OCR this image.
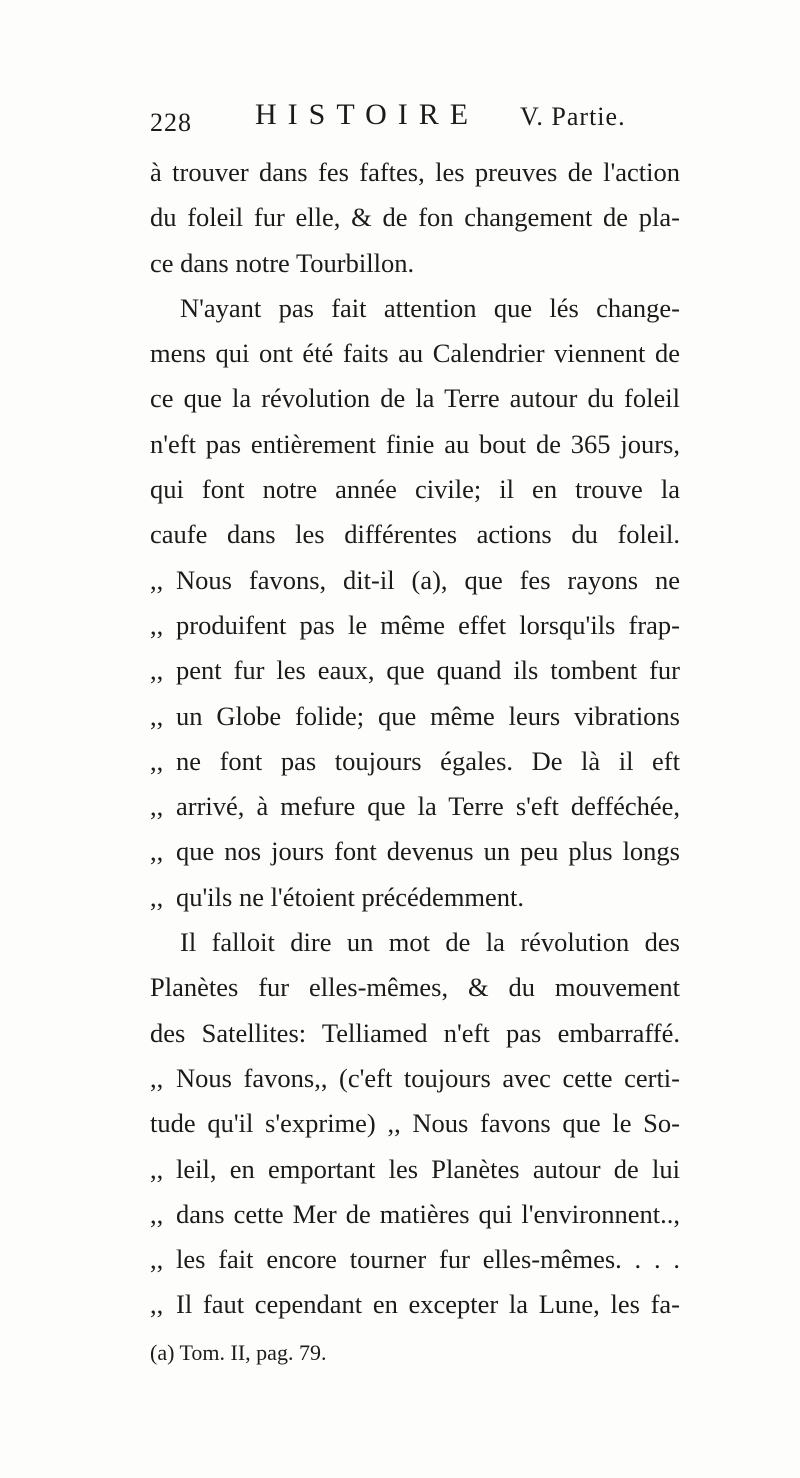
228 HISTOIRE V. Partie.
à trouver dans fes faftes, les preuves de l'action
du foleil fur elle, & de fon changement de pla-
ce dans notre Tourbillon.
N'ayant pas fait attention que lés change-
mens qui ont été faits au Calendrier viennent de
ce que la révolution de la Terre autour du foleil
n'eft pas entièrement finie au bout de 365 jours,
qui font notre année civile; il en trouve la
caufe dans les différentes actions du foleil.
,, Nous favons, dit-il (a), que fes rayons ne
,, produifent pas le même effet lorsqu'ils frap-
,, pent fur les eaux, que quand ils tombent fur
,, un Globe folide; que même leurs vibrations
,, ne font pas toujours égales. De là il eft
,, arrivé, à mefure que la Terre s'eft defféchée,
,, que nos jours font devenus un peu plus longs
,, qu'ils ne l'étoient précédemment.
Il falloit dire un mot de la révolution des
Planètes fur elles-mêmes, & du mouvement
des Satellites: Telliamed n'eft pas embarraffé.
,, Nous favons,, (c'eft toujours avec cette certi-
tude qu'il s'exprime) ,, Nous favons que le So-
,, leil, en emportant les Planètes autour de lui
,, dans cette Mer de matières qui l'environnent..,
,, les fait encore tourner fur elles-mêmes. . . .
,, Il faut cependant en excepter la Lune, les fa-
(a) Tom. II, pag. 79.
